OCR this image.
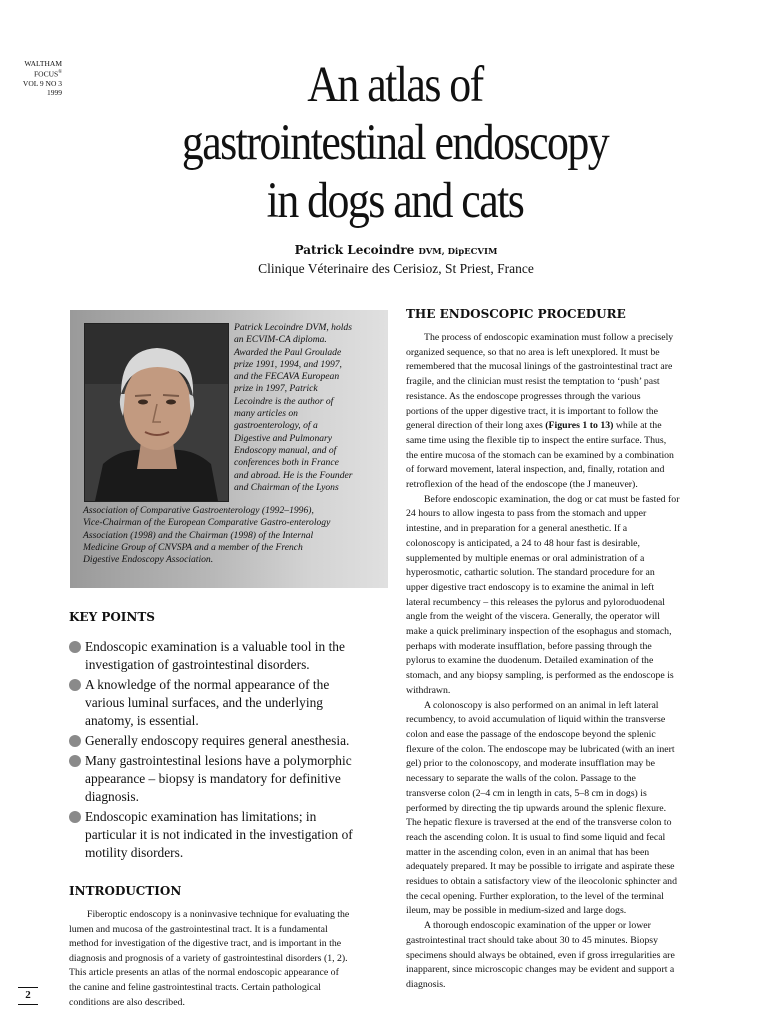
WALTHAM
FOCUS®
VOL 9 NO 3
1999	An atlas of
gastrointestinal endoscopy
in dogs and cats
Patrick Lecoindre DVM, DipECVIM
Clinique Véterinaire des Cerisioz, St Priest, France
Patrick Lecoindre DVM, holds
an ECVIM-CA diploma.
Awarded the Paul Groulade
prize 1991, 1994, and 1997,
and the FECAVA European
prize in 1997, Patrick
Lecoindre is the author of
many articles on
gastroenterology, of a
Digestive and Pulmonary
Endoscopy manual, and of
conferences both in France
and abroad. He is the Founder
and Chairman of the Lyons
Association of Comparative Gastroenterology (1992–1996),
Vice-Chairman of the European Comparative Gastro-enterology
Association (1998) and the Chairman (1998) of the Internal
Medicine Group of CNVSPA and a member of the French
Digestive Endoscopy Association.
KEY POINTS
Endoscopic examination is a valuable tool in the
investigation of gastrointestinal disorders.
A knowledge of the normal appearance of the
various luminal surfaces, and the underlying
anatomy, is essential.
Generally endoscopy requires general anesthesia.
Many gastrointestinal lesions have a polymorphic
appearance – biopsy is mandatory for definitive
diagnosis.
Endoscopic examination has limitations; in
particular it is not indicated in the investigation of
motility disorders.
INTRODUCTION
Fiberoptic endoscopy is a noninvasive technique for evaluating the
lumen and mucosa of the gastrointestinal tract. It is a fundamental
method for investigation of the digestive tract, and is important in the
diagnosis and prognosis of a variety of gastrointestinal disorders (1, 2).
This article presents an atlas of the normal endoscopic appearance of
the canine and feline gastrointestinal tracts. Certain pathological
conditions are also described.
THE ENDOSCOPIC PROCEDURE
The process of endoscopic examination must follow a precisely
organized sequence, so that no area is left unexplored. It must be
remembered that the mucosal linings of the gastrointestinal tract are
fragile, and the clinician must resist the temptation to ‘push’ past
resistance. As the endoscope progresses through the various
portions of the upper digestive tract, it is important to follow the
general direction of their long axes (Figures 1 to 13) while at the
same time using the flexible tip to inspect the entire surface. Thus,
the entire mucosa of the stomach can be examined by a combination
of forward movement, lateral inspection, and, finally, rotation and
retroflexion of the head of the endoscope (the J maneuver).
Before endoscopic examination, the dog or cat must be fasted for
24 hours to allow ingesta to pass from the stomach and upper
intestine, and in preparation for a general anesthetic. If a
colonoscopy is anticipated, a 24 to 48 hour fast is desirable,
supplemented by multiple enemas or oral administration of a
hyperosmotic, cathartic solution. The standard procedure for an
upper digestive tract endoscopy is to examine the animal in left
lateral recumbency – this releases the pylorus and pyloroduodenal
angle from the weight of the viscera. Generally, the operator will
make a quick preliminary inspection of the esophagus and stomach,
perhaps with moderate insufflation, before passing through the
pylorus to examine the duodenum. Detailed examination of the
stomach, and any biopsy sampling, is performed as the endoscope is
withdrawn.
A colonoscopy is also performed on an animal in left lateral
recumbency, to avoid accumulation of liquid within the transverse
colon and ease the passage of the endoscope beyond the splenic
flexure of the colon. The endoscope may be lubricated (with an inert
gel) prior to the colonoscopy, and moderate insufflation may be
necessary to separate the walls of the colon. Passage to the
transverse colon (2–4 cm in length in cats, 5–8 cm in dogs) is
performed by directing the tip upwards around the splenic flexure.
The hepatic flexure is traversed at the end of the transverse colon to
reach the ascending colon. It is usual to find some liquid and fecal
matter in the ascending colon, even in an animal that has been
adequately prepared. It may be possible to irrigate and aspirate these
residues to obtain a satisfactory view of the ileocolonic sphincter and
the cecal opening. Further exploration, to the level of the terminal
ileum, may be possible in medium-sized and large dogs.
A thorough endoscopic examination of the upper or lower
gastrointestinal tract should take about 30 to 45 minutes. Biopsy
specimens should always be obtained, even if gross irregularities are
inapparent, since microscopic changes may be evident and support a
diagnosis.
2
